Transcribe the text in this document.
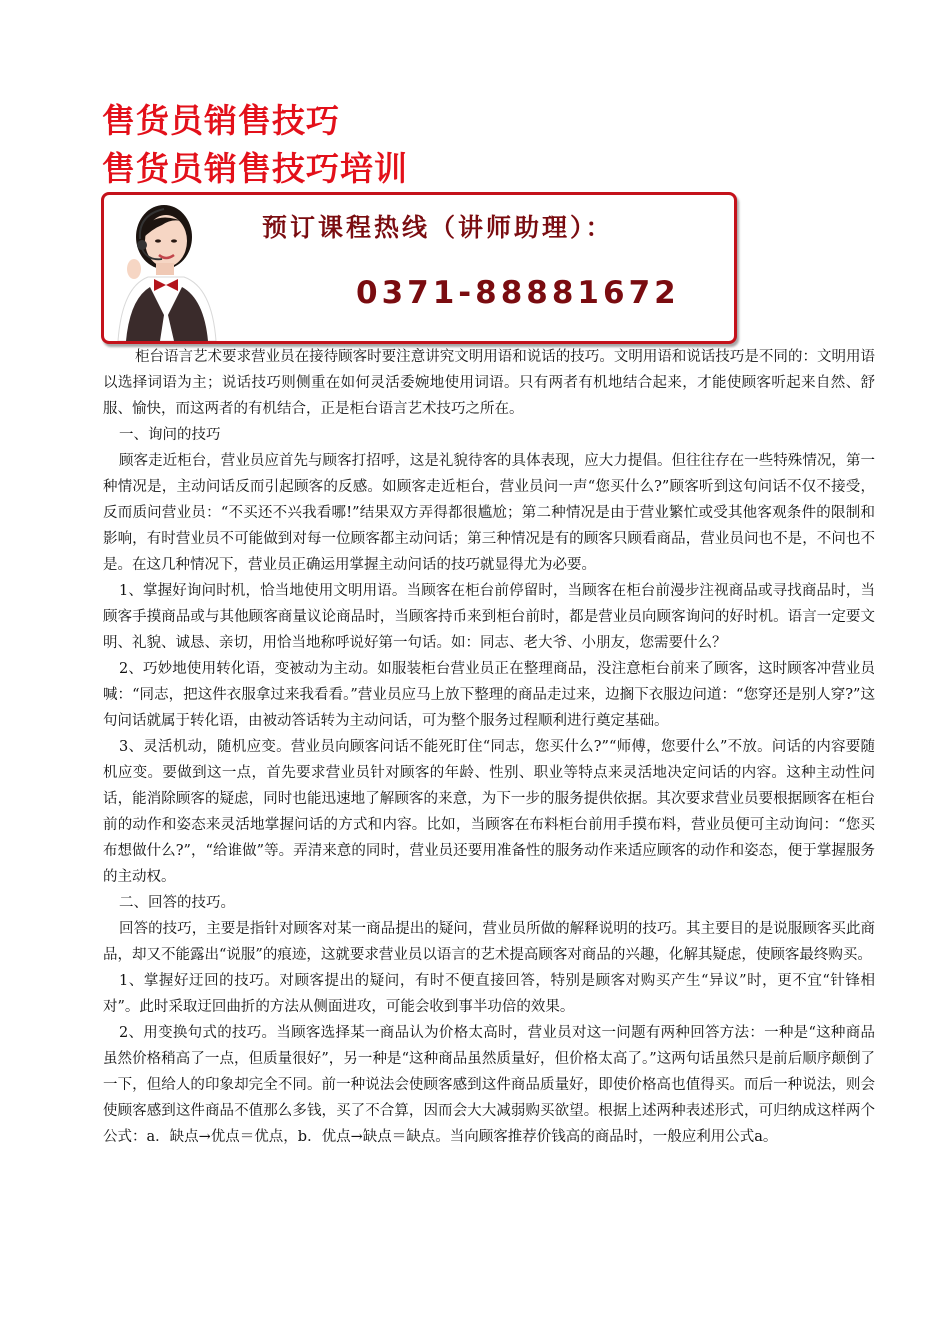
售货员销售技巧
售货员销售技巧培训
预订课程热线（讲师助理）：
0371-88881672

柜台语言艺术要求营业员在接待顾客时要注意讲究文明用语和说话的技巧。文明用语和说话技巧是不同的：文明用语以选择词语为主；说话技巧则侧重在如何灵活委婉地使用词语。只有两者有机地结合起来，才能使顾客听起来自然、舒服、愉快，而这两者的有机结合，正是柜台语言艺术技巧之所在。

一、询问的技巧

顾客走近柜台，营业员应首先与顾客打招呼，这是礼貌待客的具体表现，应大力提倡。但往往存在一些特殊情况，第一种情况是，主动问话反而引起顾客的反感。如顾客走近柜台，营业员问一声“您买什么?”顾客听到这句问话不仅不接受，反而质问营业员：“不买还不兴我看哪!”结果双方弄得都很尴尬；第二种情况是由于营业繁忙或受其他客观条件的限制和影响，有时营业员不可能做到对每一位顾客都主动问话；第三种情况是有的顾客只顾看商品，营业员问也不是，不问也不是。在这几种情况下，营业员正确运用掌握主动问话的技巧就显得尤为必要。

1、掌握好询问时机，恰当地使用文明用语。当顾客在柜台前停留时，当顾客在柜台前漫步注视商品或寻找商品时，当顾客手摸商品或与其他顾客商量议论商品时，当顾客持币来到柜台前时，都是营业员向顾客询问的好时机。语言一定要文明、礼貌、诚恳、亲切，用恰当地称呼说好第一句话。如：同志、老大爷、小朋友，您需要什么？

2、巧妙地使用转化语，变被动为主动。如服装柜台营业员正在整理商品，没注意柜台前来了顾客，这时顾客冲营业员喊：“同志，把这件衣服拿过来我看看。”营业员应马上放下整理的商品走过来，边搁下衣服边问道：“您穿还是别人穿?”这句问话就属于转化语，由被动答话转为主动问话，可为整个服务过程顺利进行奠定基础。

3、灵活机动，随机应变。营业员向顾客问话不能死盯住“同志，您买什么?”“师傅，您要什么”不放。问话的内容要随机应变。要做到这一点，首先要求营业员针对顾客的年龄、性别、职业等特点来灵活地决定问话的内容。这种主动性问话，能消除顾客的疑虑，同时也能迅速地了解顾客的来意，为下一步的服务提供依据。其次要求营业员要根据顾客在柜台前的动作和姿态来灵活地掌握问话的方式和内容。比如，当顾客在布料柜台前用手摸布料，营业员便可主动询问：“您买布想做什么?”，“给谁做”等。弄清来意的同时，营业员还要用准备性的服务动作来适应顾客的动作和姿态，便于掌握服务的主动权。

二、回答的技巧。

回答的技巧，主要是指针对顾客对某一商品提出的疑问，营业员所做的解释说明的技巧。其主要目的是说服顾客买此商品，却又不能露出“说服”的痕迹，这就要求营业员以语言的艺术提高顾客对商品的兴趣，化解其疑虑，使顾客最终购买。

1、掌握好迂回的技巧。对顾客提出的疑问，有时不便直接回答，特别是顾客对购买产生“异议”时，更不宜“针锋相对”。此时采取迂回曲折的方法从侧面进攻，可能会收到事半功倍的效果。

2、用变换句式的技巧。当顾客选择某一商品认为价格太高时，营业员对这一问题有两种回答方法：一种是“这种商品虽然价格稍高了一点，但质量很好”，另一种是“这种商品虽然质量好，但价格太高了。”这两句话虽然只是前后顺序颠倒了一下，但给人的印象却完全不同。前一种说法会使顾客感到这件商品质量好，即使价格高也值得买。而后一种说法，则会使顾客感到这件商品不值那么多钱，买了不合算，因而会大大减弱购买欲望。根据上述两种表述形式，可归纳成这样两个公式：a．缺点→优点＝优点，b．优点→缺点＝缺点。当向顾客推荐价钱高的商品时，一般应利用公式a。
